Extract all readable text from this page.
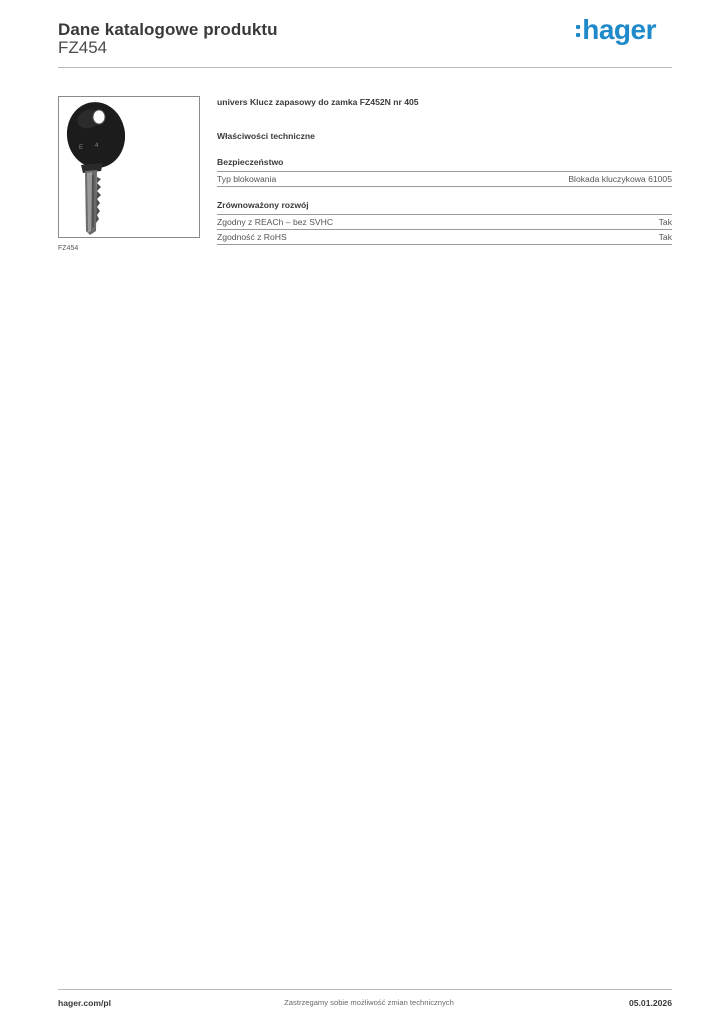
Dane katalogowe produktu
FZ454
hager
E 4
FZ454

univers Klucz zapasowy do zamka FZ452N nr 405

Właściwości techniczne

Bezpieczeństwo
Typ blokowania	Blokada kluczykowa 61005
Zrównoważony rozwój
Zgodny z REACh – bez SVHC	Tak
Zgodność z RoHS	Tak
hager.com/pl	Zastrzegamy sobie możliwość zmian technicznych	05.01.2026
